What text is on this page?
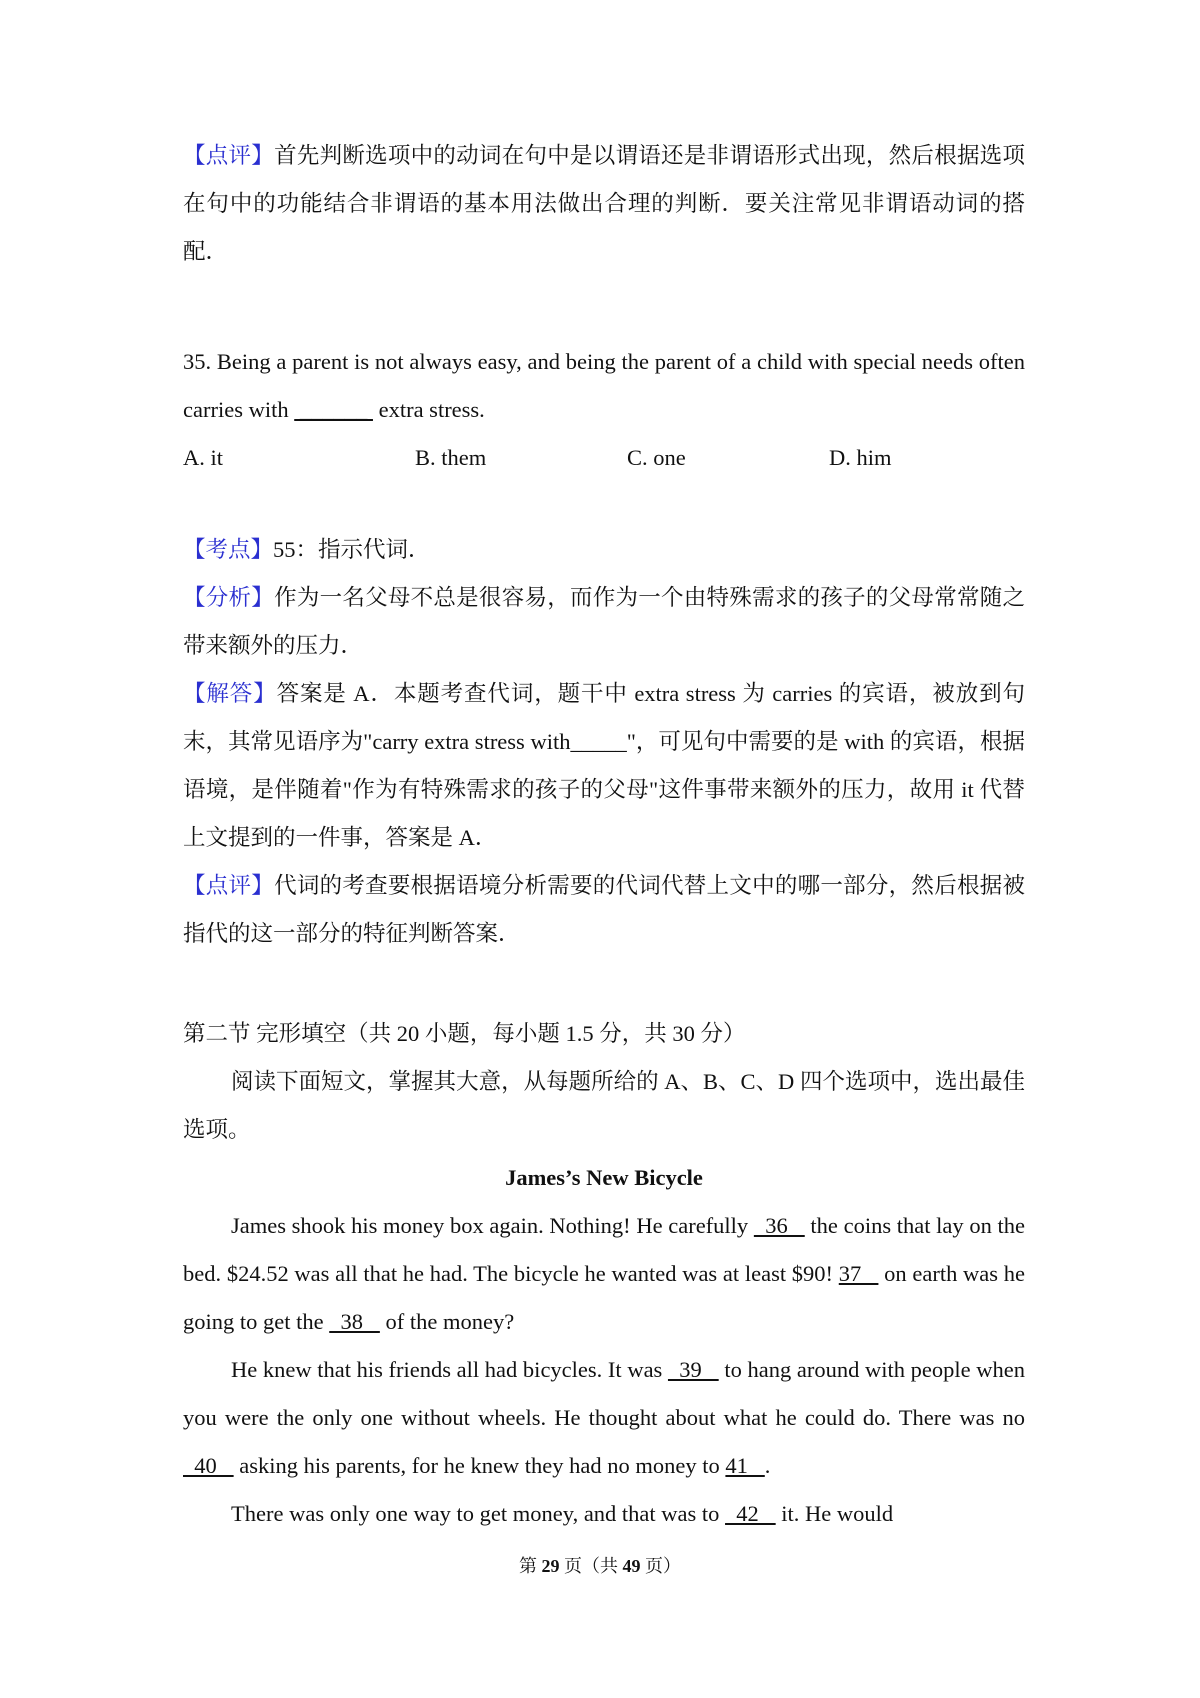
【点评】首先判断选项中的动词在句中是以谓语还是非谓语形式出现，然后根据选项在句中的功能结合非谓语的基本用法做出合理的判断．要关注常见非谓语动词的搭配．

35. Being a parent is not always easy, and being the parent of a child with special needs often carries with  ______  extra stress.

A. it	B. them	C. one	D. him

【考点】55：指示代词．

【分析】作为一名父母不总是很容易，而作为一个由特殊需求的孩子的父母常常随之带来额外的压力．

【解答】答案是 A．本题考查代词，题干中 extra stress 为 carries 的宾语，被放到句末，其常见语序为"carry extra stress with_____"，可见句中需要的是 with 的宾语，根据语境，是伴随着"作为有特殊需求的孩子的父母"这件事带来额外的压力，故用 it 代替上文提到的一件事，答案是 A．

【点评】代词的考查要根据语境分析需要的代词代替上文中的哪一部分，然后根据被指代的这一部分的特征判断答案．

第二节 完形填空（共 20 小题，每小题 1.5 分，共 30 分）

阅读下面短文，掌握其大意，从每题所给的 A、B、C、D 四个选项中，选出最佳选项。

James’s New Bicycle

James shook his money box again. Nothing! He carefully   36    the coins that lay on the bed. $24.52 was all that he had. The bicycle he wanted was at least $90! 37    on earth was he going to get the   38    of the money?

He knew that his friends all had bicycles. It was   39    to hang around with people when you were the only one without wheels. He thought about what he could do. There was no   40    asking his parents, for he knew they had no money to 41   .

There was only one way to get money, and that was to   42    it. He would

第 29 页（共 49 页）
